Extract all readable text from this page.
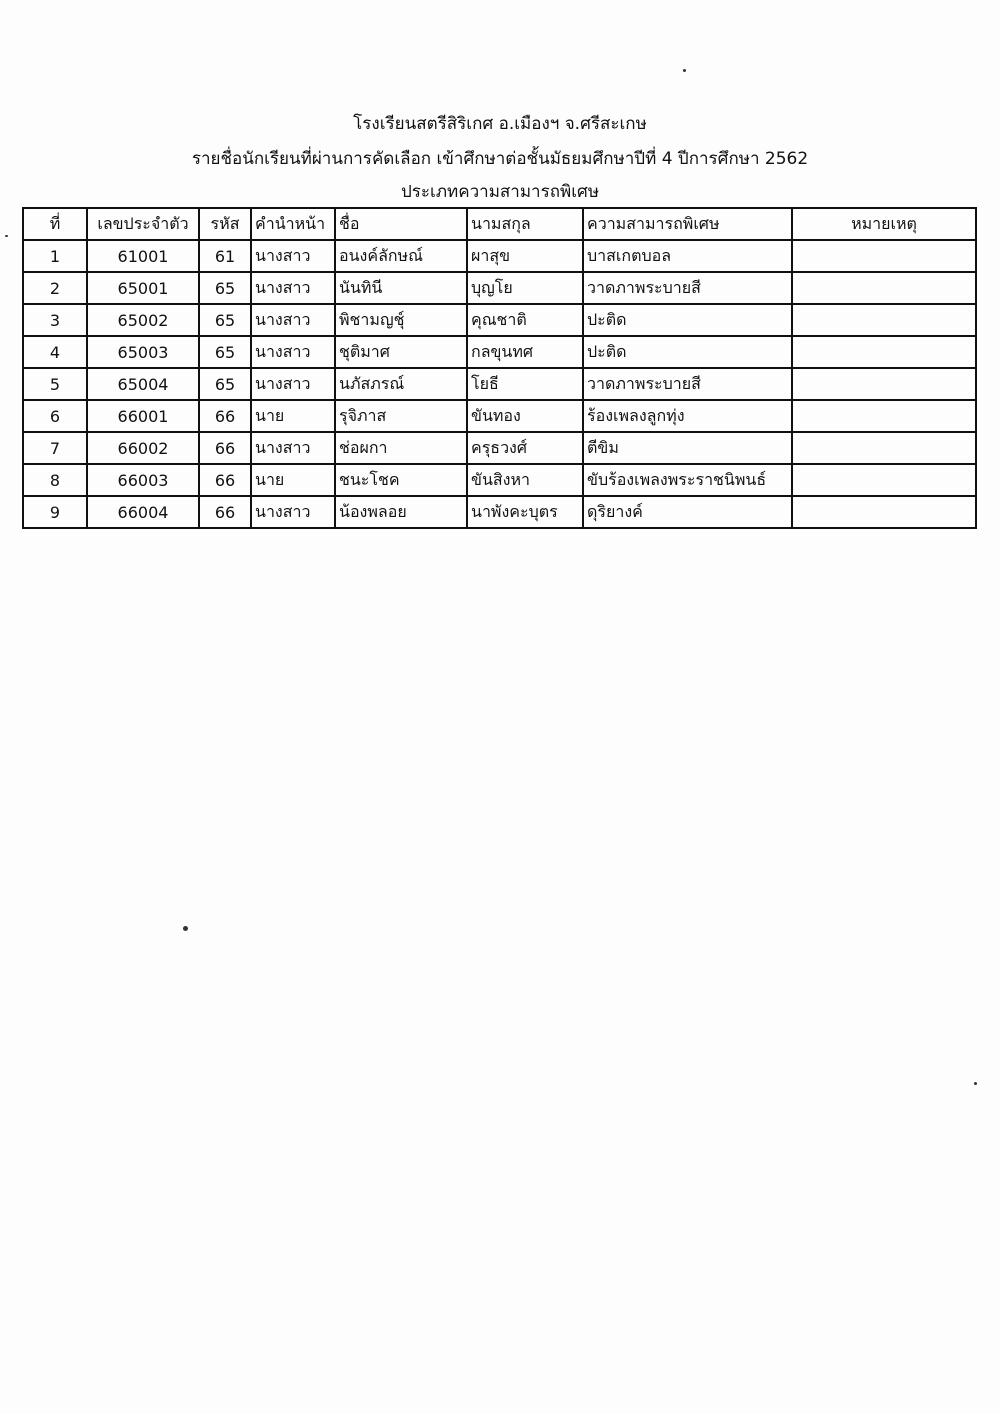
โรงเรียนสตรีสิริเกศ อ.เมืองฯ จ.ศรีสะเกษ
รายชื่อนักเรียนที่ผ่านการคัดเลือก เข้าศึกษาต่อชั้นมัธยมศึกษาปีที่ 4 ปีการศึกษา 2562
ประเภทความสามารถพิเศษ
ที่	เลขประจำตัว	รหัส	คำนำหน้า	ชื่อ	นามสกุล	ความสามารถพิเศษ	หมายเหตุ
1	61001	61	นางสาว	อนงค์ลักษณ์	ผาสุข	บาสเกตบอล	
2	65001	65	นางสาว	นันทินี	บุญโย	วาดภาพระบายสี	
3	65002	65	นางสาว	พิชามญชุ์	คุณชาติ	ปะติด	
4	65003	65	นางสาว	ชุติมาศ	กลขุนทศ	ปะติด	
5	65004	65	นางสาว	นภัสภรณ์	โยธี	วาดภาพระบายสี	
6	66001	66	นาย	รุจิภาส	ขันทอง	ร้องเพลงลูกทุ่ง	
7	66002	66	นางสาว	ช่อผกา	ครุธวงศ์	ตีขิม	
8	66003	66	นาย	ชนะโชค	ขันสิงหา	ขับร้องเพลงพระราชนิพนธ์	
9	66004	66	นางสาว	น้องพลอย	นาพังคะบุตร	ดุริยางค์	
